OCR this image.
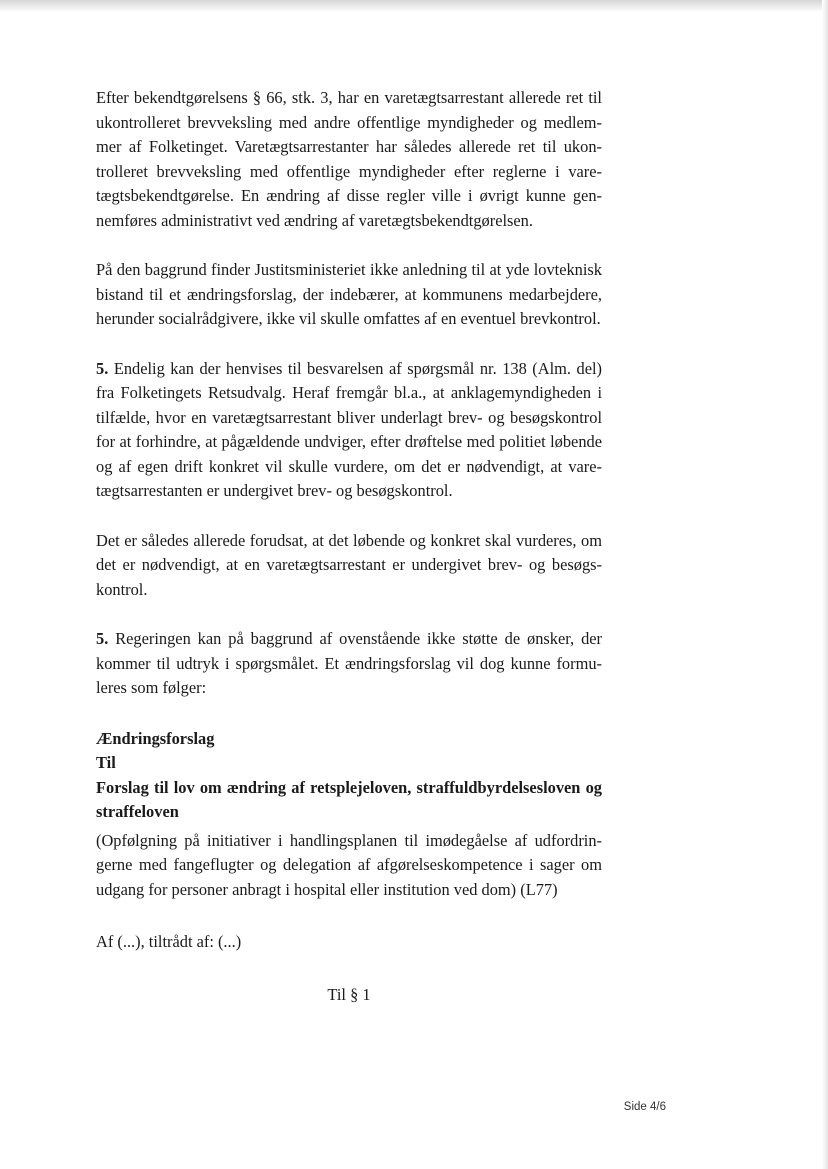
Efter bekendtgørelsens § 66, stk. 3, har en varetægtsarrestant allerede ret til ukontrolleret brevveksling med andre offentlige myndigheder og medlemmer af Folketinget. Varetægtsarrestanter har således allerede ret til ukontrolleret brevveksling med offentlige myndigheder efter reglerne i varetægtsbekendtgørelse. En ændring af disse regler ville i øvrigt kunne gennemføres administrativt ved ændring af varetægtsbekendtgørelsen.

På den baggrund finder Justitsministeriet ikke anledning til at yde lovteknisk bistand til et ændringsforslag, der indebærer, at kommunens medarbejdere, herunder socialrådgivere, ikke vil skulle omfattes af en eventuel brevkontrol.

5. Endelig kan der henvises til besvarelsen af spørgsmål nr. 138 (Alm. del) fra Folketingets Retsudvalg. Heraf fremgår bl.a., at anklagemyndigheden i tilfælde, hvor en varetægtsarrestant bliver underlagt brev- og besøgskontrol for at forhindre, at pågældende undviger, efter drøftelse med politiet løbende og af egen drift konkret vil skulle vurdere, om det er nødvendigt, at varetægtsarrestanten er undergivet brev- og besøgskontrol.

Det er således allerede forudsat, at det løbende og konkret skal vurderes, om det er nødvendigt, at en varetægtsarrestant er undergivet brev- og besøgskontrol.

5. Regeringen kan på baggrund af ovenstående ikke støtte de ønsker, der kommer til udtryk i spørgsmålet. Et ændringsforslag vil dog kunne formuleres som følger:

Ændringsforslag

Til

Forslag til lov om ændring af retsplejeloven, straffuldbyrdelsesloven og straffeloven

(Opfølgning på initiativer i handlingsplanen til imødegåelse af udfordringerne med fangeflugter og delegation af afgørelseskompetence i sager om udgang for personer anbragt i hospital eller institution ved dom) (L77)

Af (...), tiltrådt af: (...)
Til § 1
Side 4/6
